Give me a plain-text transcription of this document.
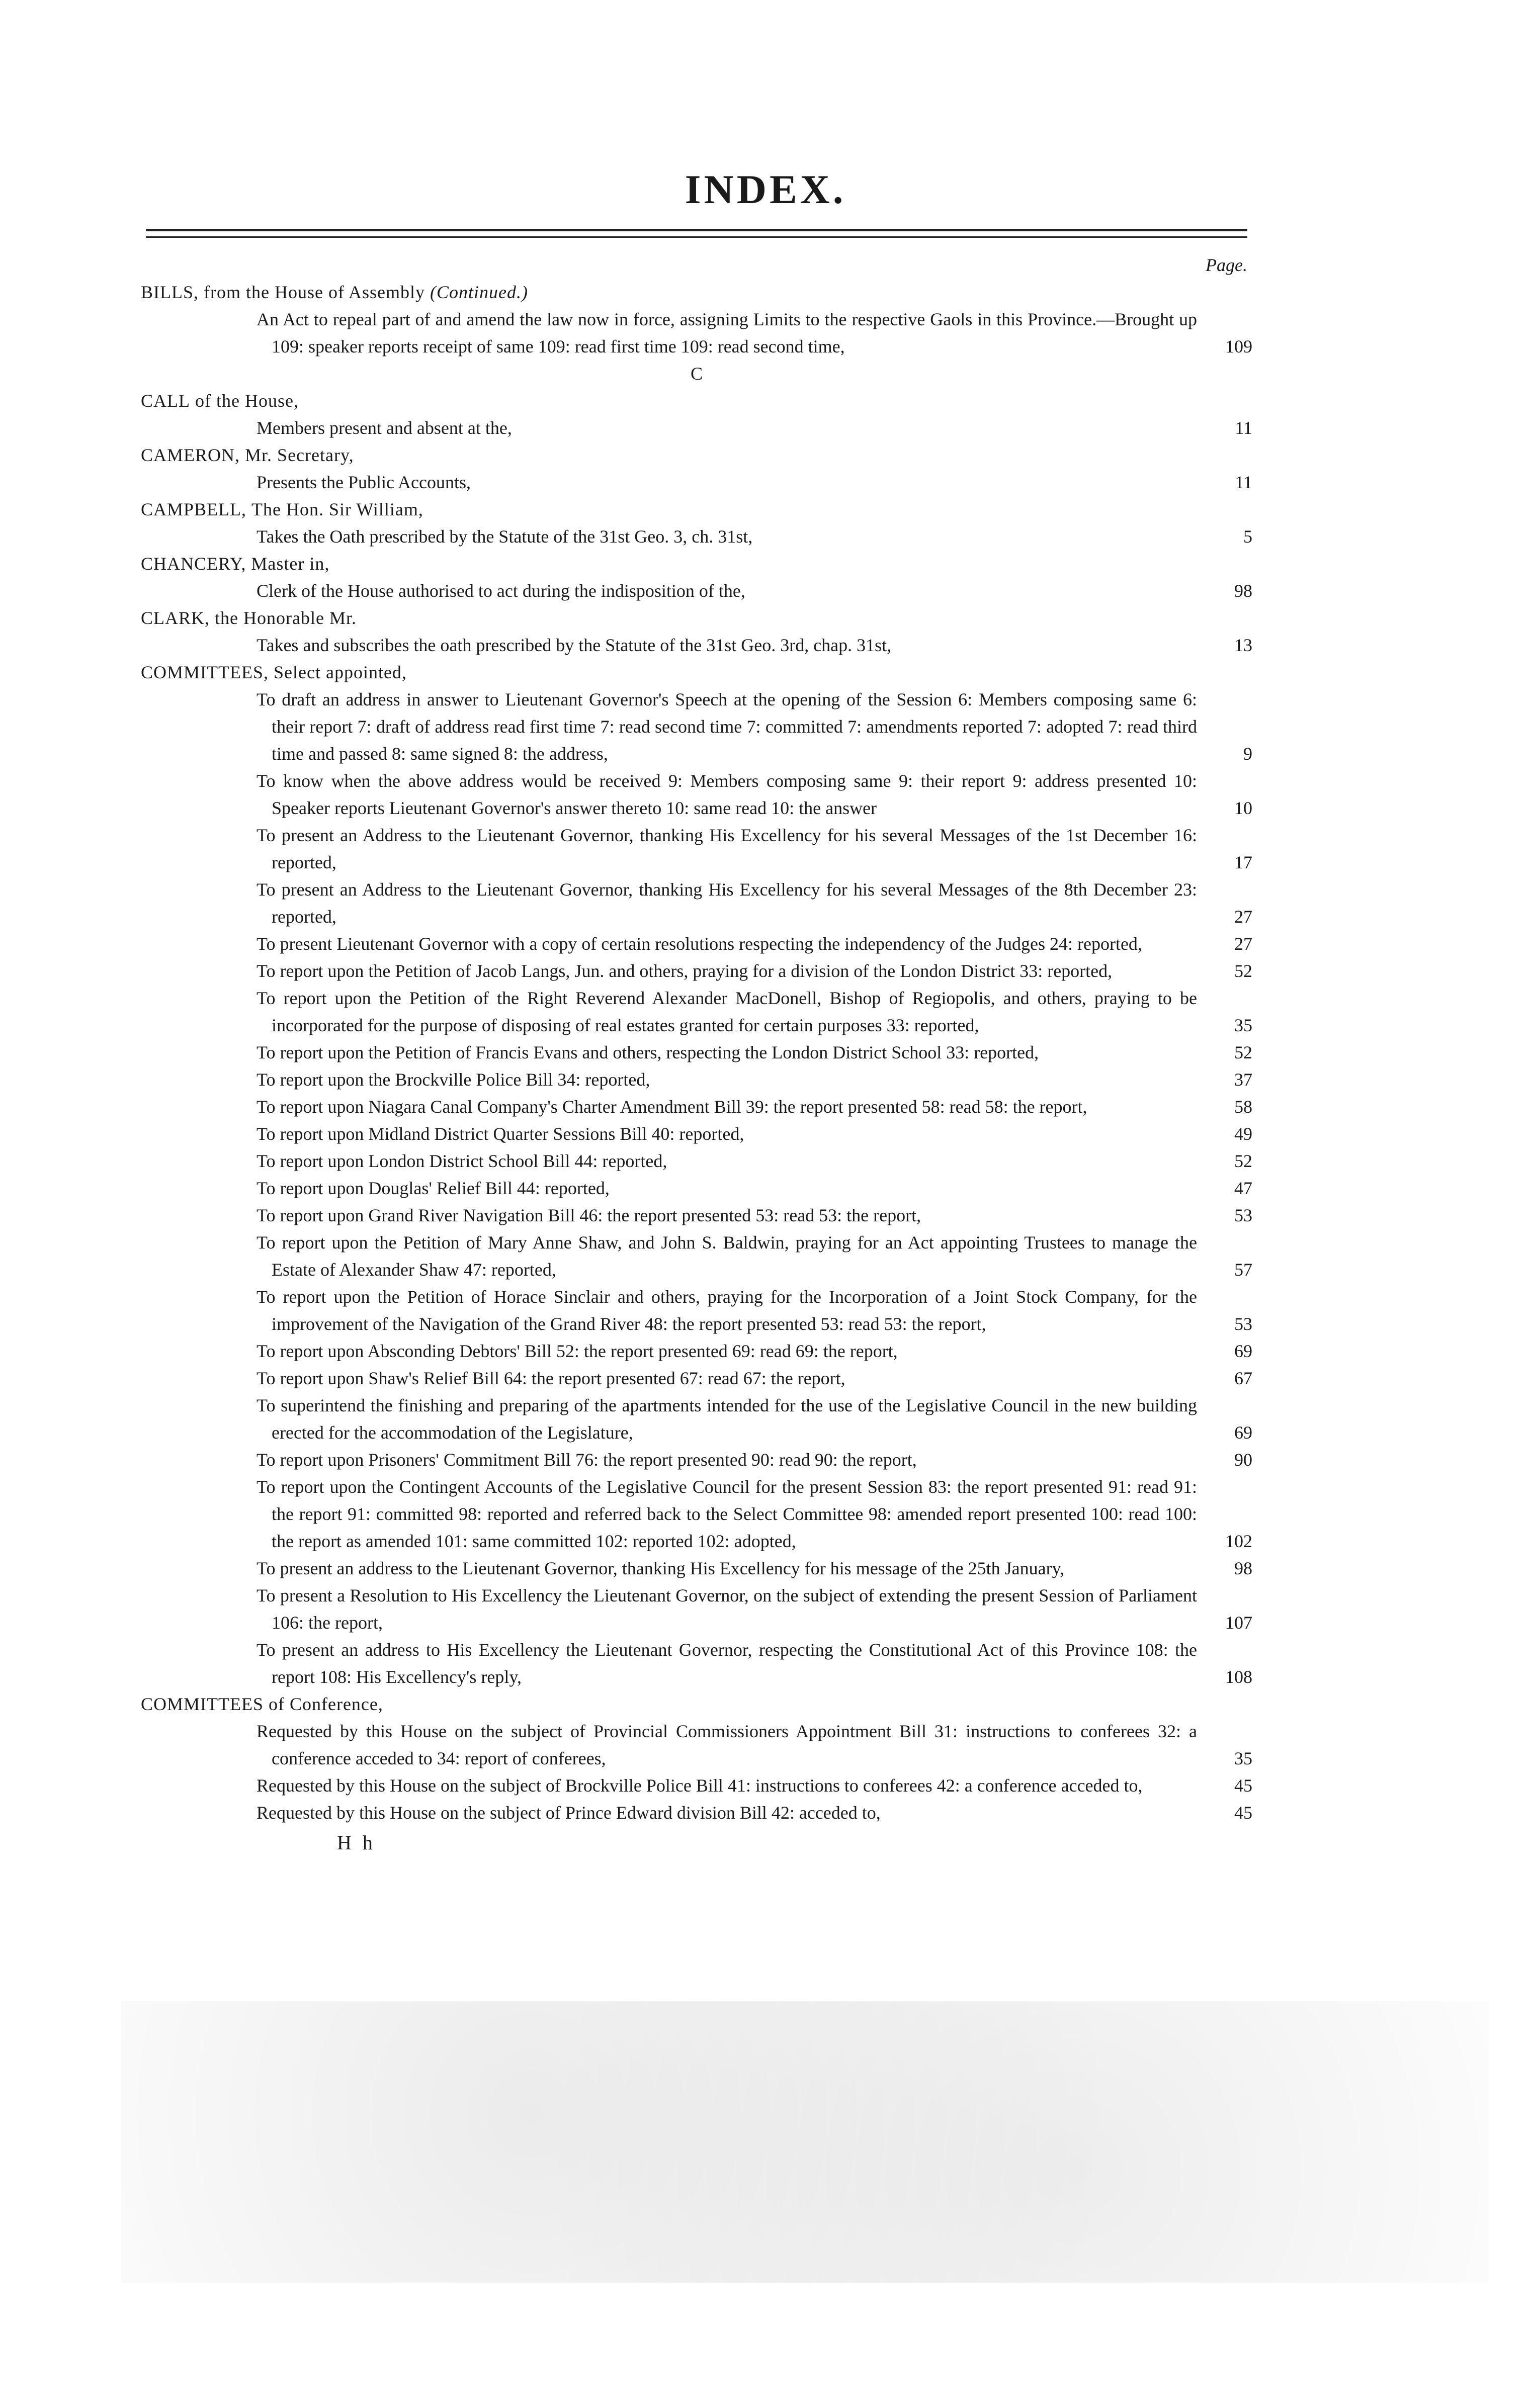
INDEX.
Page.
BILLS, from the House of Assembly (Continued.)
An Act to repeal part of and amend the law now in force, assigning Limits to the respective Gaols in this Province.—Brought up 109: speaker reports receipt of same 109: read first time 109: read second time,	109
C
CALL of the House,
Members present and absent at the,	11
CAMERON, Mr. Secretary,
Presents the Public Accounts,	11
CAMPBELL, The Hon. Sir William,
Takes the Oath prescribed by the Statute of the 31st Geo. 3, ch. 31st,	5
CHANCERY, Master in,
Clerk of the House authorised to act during the indisposition of the,	98
CLARK, the Honorable Mr.
Takes and subscribes the oath prescribed by the Statute of the 31st Geo. 3rd, chap. 31st,	13
COMMITTEES, Select appointed,
To draft an address in answer to Lieutenant Governor's Speech at the opening of the Session 6: Members composing same 6: their report 7: draft of address read first time 7: read second time 7: committed 7: amendments reported 7: adopted 7: read third time and passed 8: same signed 8: the address,	9
To know when the above address would be received 9: Members composing same 9: their report 9: address presented 10: Speaker reports Lieutenant Governor's answer thereto 10: same read 10: the answer	10
To present an Address to the Lieutenant Governor, thanking His Excellency for his several Messages of the 1st December 16: reported,	17
To present an Address to the Lieutenant Governor, thanking His Excellency for his several Messages of the 8th December 23: reported,	27
To present Lieutenant Governor with a copy of certain resolutions respecting the independency of the Judges 24: reported,	27
To report upon the Petition of Jacob Langs, Jun. and others, praying for a division of the London District 33: reported,	52
To report upon the Petition of the Right Reverend Alexander MacDonell, Bishop of Regiopolis, and others, praying to be incorporated for the purpose of disposing of real estates granted for certain purposes 33: reported,	35
To report upon the Petition of Francis Evans and others, respecting the London District School 33: reported,	52
To report upon the Brockville Police Bill 34: reported,	37
To report upon Niagara Canal Company's Charter Amendment Bill 39: the report presented 58: read 58: the report,	58
To report upon Midland District Quarter Sessions Bill 40: reported,	49
To report upon London District School Bill 44: reported,	52
To report upon Douglas' Relief Bill 44: reported,	47
To report upon Grand River Navigation Bill 46: the report presented 53: read 53: the report,	53
To report upon the Petition of Mary Anne Shaw, and John S. Baldwin, praying for an Act appointing Trustees to manage the Estate of Alexander Shaw 47: reported,	57
To report upon the Petition of Horace Sinclair and others, praying for the Incorporation of a Joint Stock Company, for the improvement of the Navigation of the Grand River 48: the report presented 53: read 53: the report,	53
To report upon Absconding Debtors' Bill 52: the report presented 69: read 69: the report,	69
To report upon Shaw's Relief Bill 64: the report presented 67: read 67: the report,	67
To superintend the finishing and preparing of the apartments intended for the use of the Legislative Council in the new building erected for the accommodation of the Legislature,	69
To report upon Prisoners' Commitment Bill 76: the report presented 90: read 90: the report,	90
To report upon the Contingent Accounts of the Legislative Council for the present Session 83: the report presented 91: read 91: the report 91: committed 98: reported and referred back to the Select Committee 98: amended report presented 100: read 100: the report as amended 101: same committed 102: reported 102: adopted,	102
To present an address to the Lieutenant Governor, thanking His Excellency for his message of the 25th January,	98
To present a Resolution to His Excellency the Lieutenant Governor, on the subject of extending the present Session of Parliament 106: the report,	107
To present an address to His Excellency the Lieutenant Governor, respecting the Constitutional Act of this Province 108: the report 108: His Excellency's reply,	108
COMMITTEES of Conference,
Requested by this House on the subject of Provincial Commissioners Appointment Bill 31: instructions to conferees 32: a conference acceded to 34: report of conferees,	35
Requested by this House on the subject of Brockville Police Bill 41: instructions to conferees 42: a conference acceded to,	45
Requested by this House on the subject of Prince Edward division Bill 42: acceded to,	45
H h
